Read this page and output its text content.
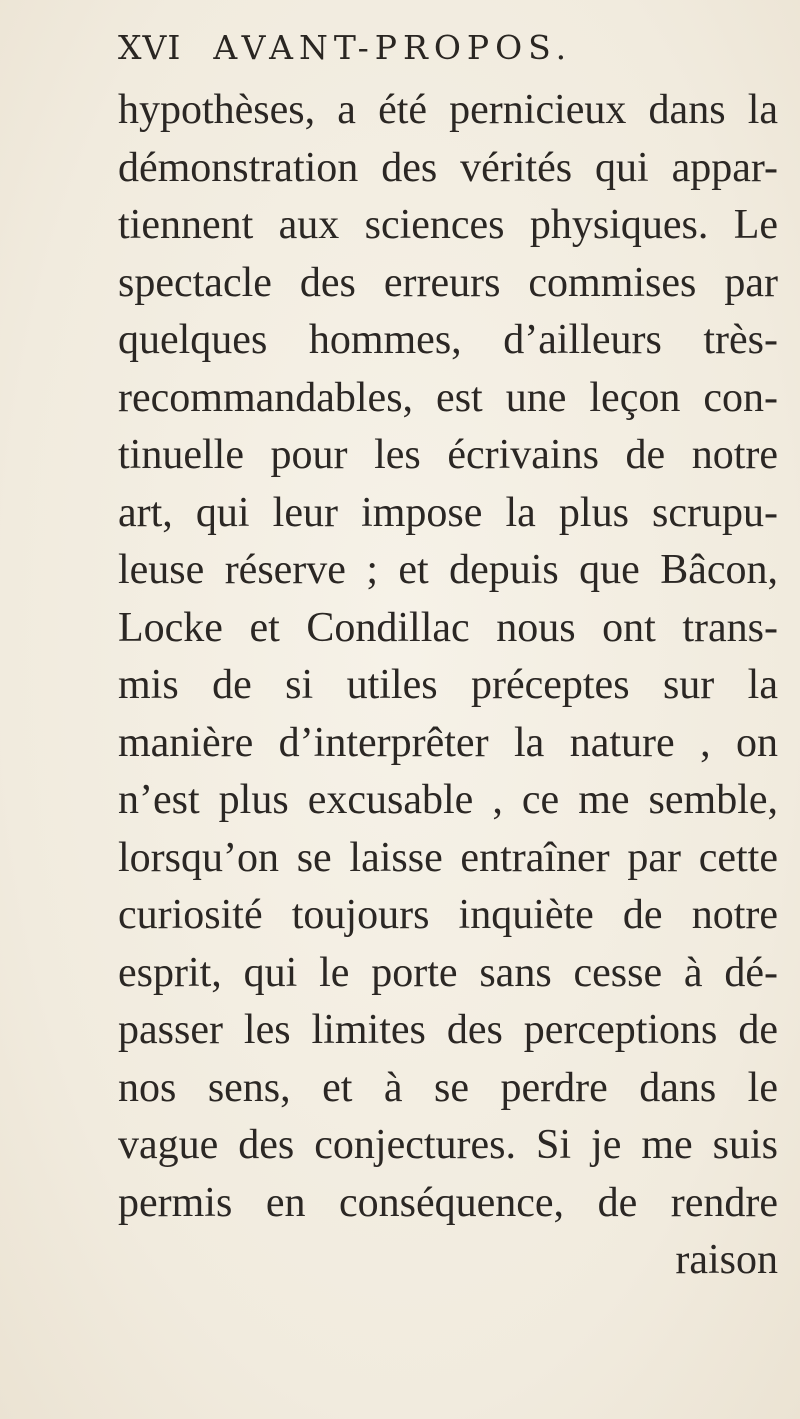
XVI AVANT-PROPOS.
hypothèses, a été pernicieux dans la
démonstration des vérités qui appar-
tiennent aux sciences physiques. Le
spectacle des erreurs commises par
quelques hommes, d’ailleurs très-
recommandables, est une leçon con-
tinuelle pour les écrivains de notre
art, qui leur impose la plus scrupu-
leuse réserve ; et depuis que Bâcon,
Locke et Condillac nous ont trans-
mis de si utiles préceptes sur la
manière d’interprêter la nature , on
n’est plus excusable , ce me semble,
lorsqu’on se laisse entraîner par cette
curiosité toujours inquiète de notre
esprit, qui le porte sans cesse à dé-
passer les limites des perceptions de
nos sens, et à se perdre dans le
vague des conjectures. Si je me suis
permis en conséquence, de rendre
raison
